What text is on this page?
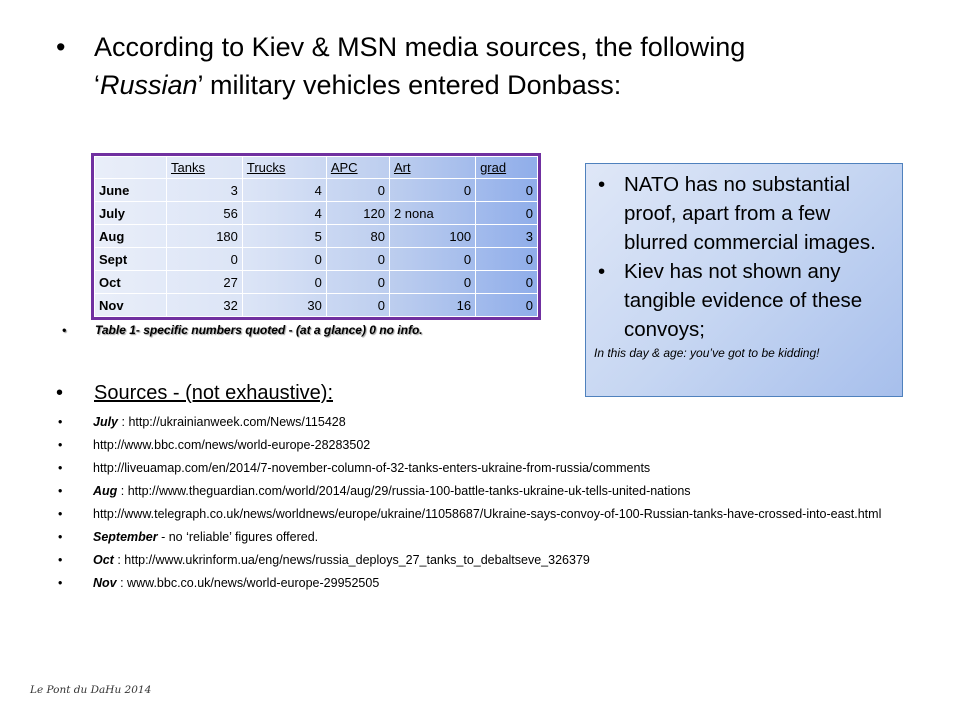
• According to Kiev & MSN media sources, the following
‘Russian’ military vehicles entered Donbass:
	Tanks	Trucks	APC	Art	grad
June	3	4	0	0	0
July	56	4	120	2 nona	0
Aug	180	5	80	100	3
Sept	0	0	0	0	0
Oct	27	0	0	0	0
Nov	32	30	0	16	0
• Table 1- specific numbers quoted - (at a glance) 0 no info.
• NATO has no substantial proof, apart from a few blurred commercial images.
• Kiev has not shown any tangible evidence of these convoys;
In this day & age: you’ve got to be kidding!
• Sources - (not exhaustive):
• July : http://ukrainianweek.com/News/115428
• http://www.bbc.com/news/world-europe-28283502
• http://liveuamap.com/en/2014/7-november-column-of-32-tanks-enters-ukraine-from-russia/comments
• Aug : http://www.theguardian.com/world/2014/aug/29/russia-100-battle-tanks-ukraine-uk-tells-united-nations
• http://www.telegraph.co.uk/news/worldnews/europe/ukraine/11058687/Ukraine-says-convoy-of-100-Russian-tanks-have-crossed-into-east.html
• September - no ‘reliable’ figures offered.
• Oct : http://www.ukrinform.ua/eng/news/russia_deploys_27_tanks_to_debaltseve_326379
• Nov : www.bbc.co.uk/news/world-europe-29952505
Le Pont du DaHu 2014
